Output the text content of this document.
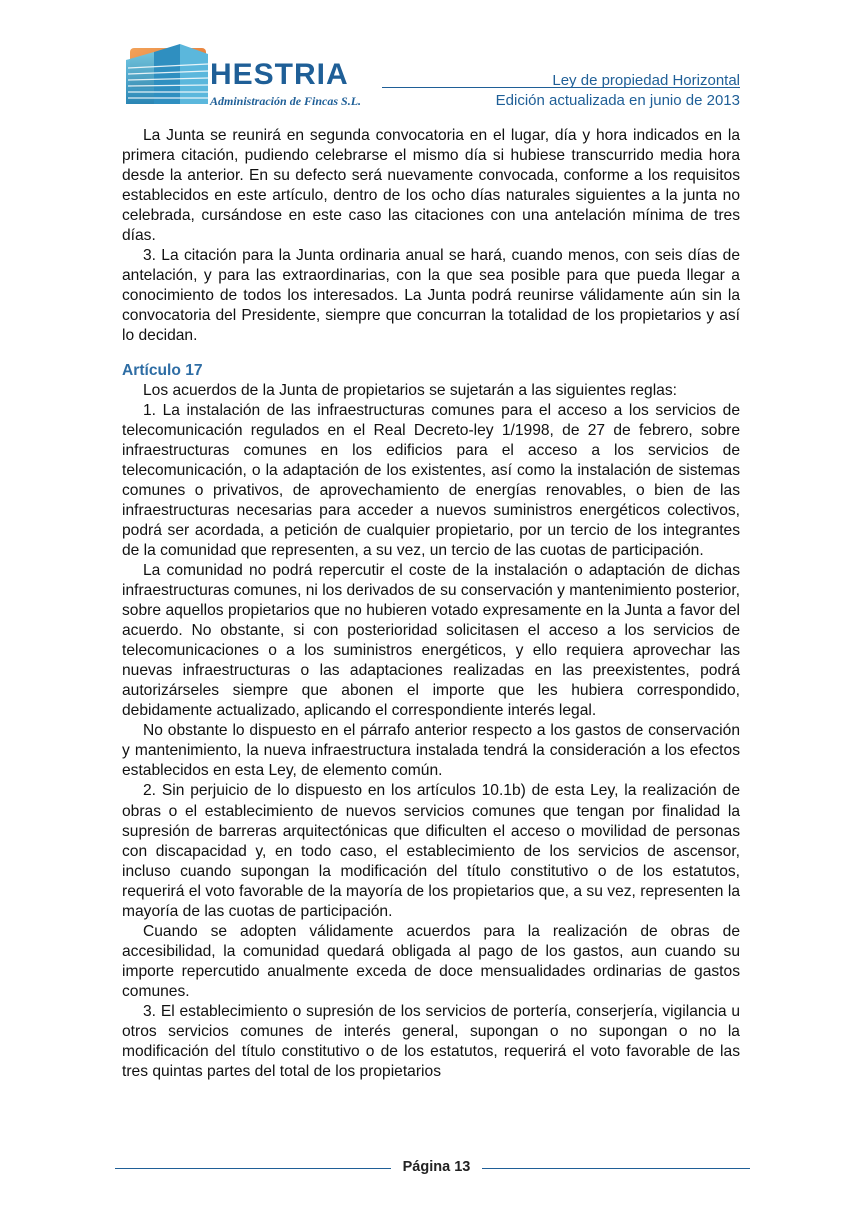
HESTRIA
Administración de Fincas S.L.
Ley de propiedad Horizontal
Edición actualizada en junio de 2013

La Junta se reunirá en segunda convocatoria en el lugar, día y hora indicados en la primera citación, pudiendo celebrarse el mismo día si hubiese transcurrido media hora desde la anterior. En su defecto será nuevamente convocada, conforme a los requisitos establecidos en este artículo, dentro de los ocho días naturales siguientes a la junta no celebrada, cursándose en este caso las citaciones con una antelación mínima de tres días.

3. La citación para la Junta ordinaria anual se hará, cuando menos, con seis días de antelación, y para las extraordinarias, con la que sea posible para que pueda llegar a conocimiento de todos los interesados. La Junta podrá reunirse válidamente aún sin la convocatoria del Presidente, siempre que concurran la totalidad de los propietarios y así lo decidan.

Artículo 17

Los acuerdos de la Junta de propietarios se sujetarán a las siguientes reglas:

1. La instalación de las infraestructuras comunes para el acceso a los servicios de telecomunicación regulados en el Real Decreto-ley 1/1998, de 27 de febrero, sobre infraestructuras comunes en los edificios para el acceso a los servicios de telecomunicación, o la adaptación de los existentes, así como la instalación de sistemas comunes o privativos, de aprovechamiento de energías renovables, o bien de las infraestructuras necesarias para acceder a nuevos suministros energéticos colectivos, podrá ser acordada, a petición de cualquier propietario, por un tercio de los integrantes de la comunidad que representen, a su vez, un tercio de las cuotas de participación.

La comunidad no podrá repercutir el coste de la instalación o adaptación de dichas infraestructuras comunes, ni los derivados de su conservación y mantenimiento posterior, sobre aquellos propietarios que no hubieren votado expresamente en la Junta a favor del acuerdo. No obstante, si con posterioridad solicitasen el acceso a los servicios de telecomunicaciones o a los suministros energéticos, y ello requiera aprovechar las nuevas infraestructuras o las adaptaciones realizadas en las preexistentes, podrá autorizárseles siempre que abonen el importe que les hubiera correspondido, debidamente actualizado, aplicando el correspondiente interés legal.

No obstante lo dispuesto en el párrafo anterior respecto a los gastos de conservación y mantenimiento, la nueva infraestructura instalada tendrá la consideración a los efectos establecidos en esta Ley, de elemento común.

2. Sin perjuicio de lo dispuesto en los artículos 10.1b) de esta Ley, la realización de obras o el establecimiento de nuevos servicios comunes que tengan por finalidad la supresión de barreras arquitectónicas que dificulten el acceso o movilidad de personas con discapacidad y, en todo caso, el establecimiento de los servicios de ascensor, incluso cuando supongan la modificación del título constitutivo o de los estatutos, requerirá el voto favorable de la mayoría de los propietarios que, a su vez, representen la mayoría de las cuotas de participación.

Cuando se adopten válidamente acuerdos para la realización de obras de accesibilidad, la comunidad quedará obligada al pago de los gastos, aun cuando su importe repercutido anualmente exceda de doce mensualidades ordinarias de gastos comunes.

3. El establecimiento o supresión de los servicios de portería, conserjería, vigilancia u otros servicios comunes de interés general, supongan o no supongan o no la modificación del título constitutivo o de los estatutos, requerirá el voto favorable de las tres quintas partes del total de los propietarios

Página 13
